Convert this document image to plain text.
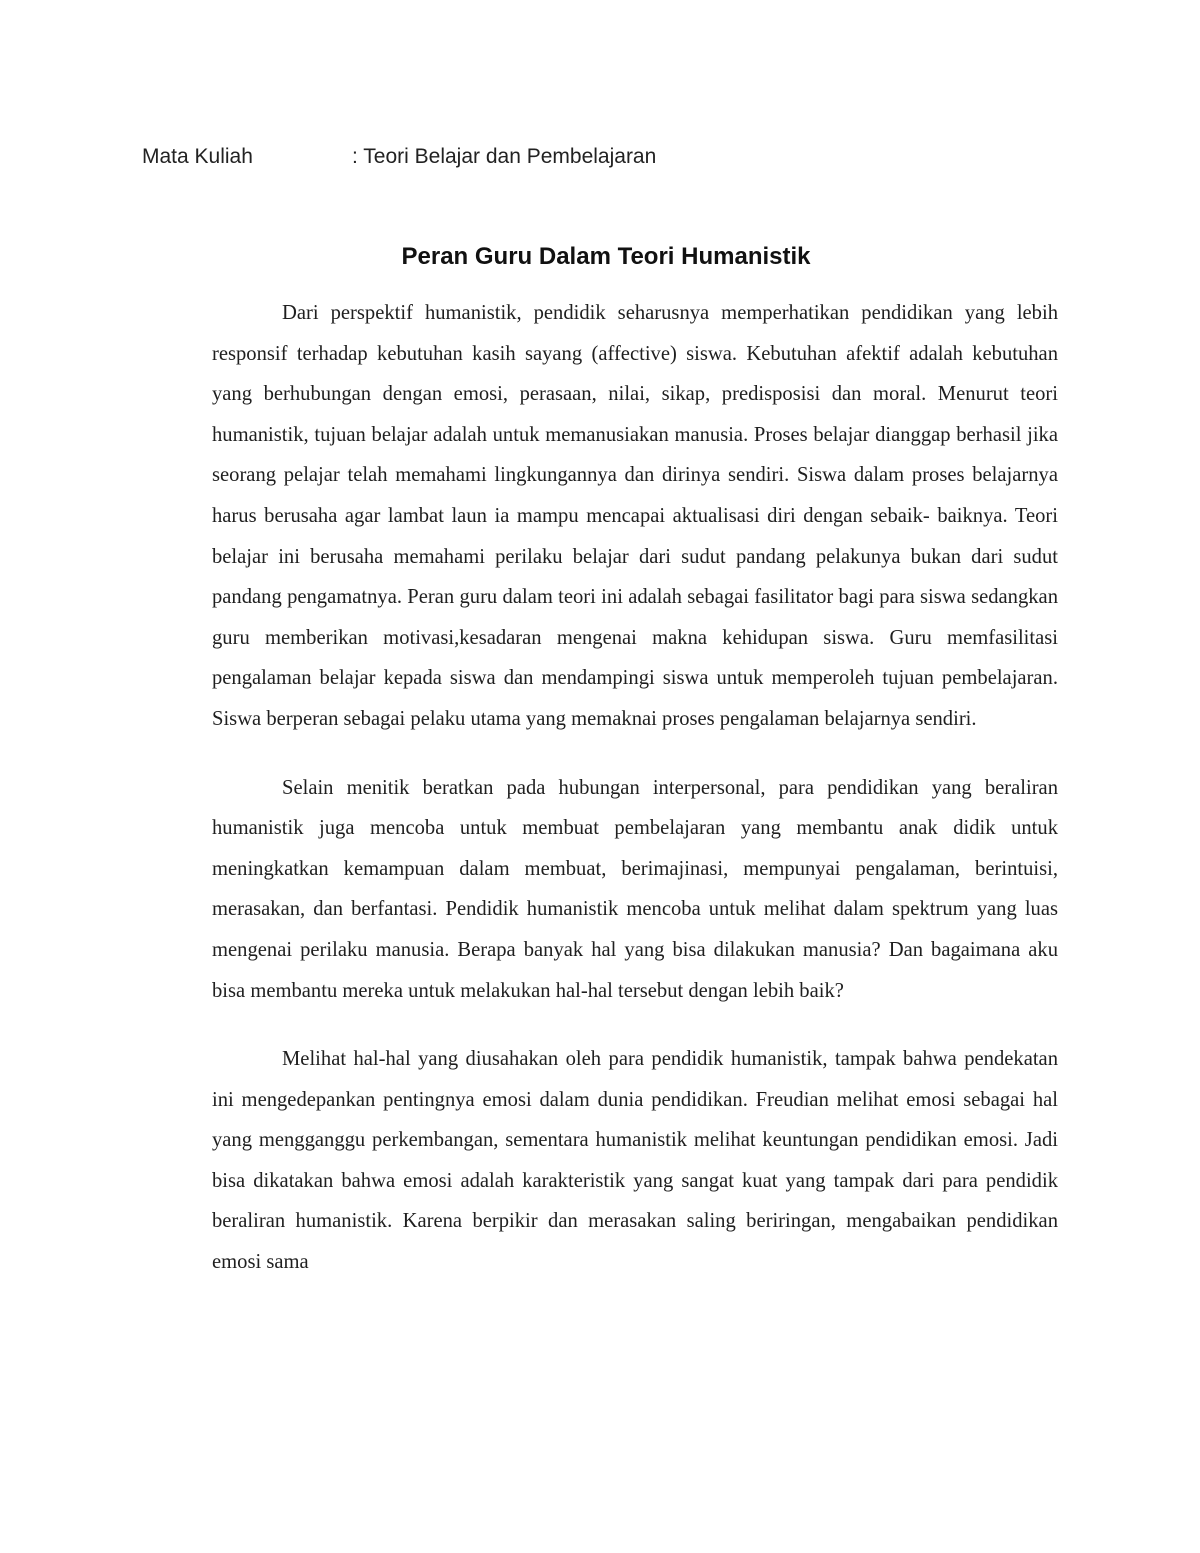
Mata Kuliah	: Teori Belajar dan Pembelajaran
Peran Guru Dalam Teori Humanistik

Dari perspektif humanistik, pendidik seharusnya memperhatikan pendidikan yang lebih responsif terhadap kebutuhan kasih sayang (affective) siswa. Kebutuhan afektif adalah kebutuhan yang berhubungan dengan emosi, perasaan, nilai, sikap, predisposisi dan moral. Menurut teori humanistik, tujuan belajar adalah untuk memanusiakan manusia. Proses belajar dianggap berhasil jika seorang pelajar telah memahami lingkungannya dan dirinya sendiri. Siswa dalam proses belajarnya harus berusaha agar lambat laun ia mampu mencapai aktualisasi diri dengan sebaik- baiknya. Teori belajar ini berusaha memahami perilaku belajar dari sudut pandang pelakunya bukan dari sudut pandang pengamatnya. Peran guru dalam teori ini adalah sebagai fasilitator bagi para siswa sedangkan guru memberikan motivasi,kesadaran mengenai makna kehidupan siswa. Guru memfasilitasi pengalaman belajar kepada siswa dan mendampingi siswa untuk memperoleh tujuan pembelajaran. Siswa berperan sebagai pelaku utama yang memaknai proses pengalaman belajarnya sendiri.

Selain menitik beratkan pada hubungan interpersonal, para pendidikan yang beraliran humanistik juga mencoba untuk membuat pembelajaran yang membantu anak didik untuk meningkatkan kemampuan dalam membuat, berimajinasi, mempunyai pengalaman, berintuisi, merasakan, dan berfantasi. Pendidik humanistik mencoba untuk melihat dalam spektrum yang luas mengenai perilaku manusia. Berapa banyak hal yang bisa dilakukan manusia? Dan bagaimana aku bisa membantu mereka untuk melakukan hal-hal tersebut dengan lebih baik?

Melihat hal-hal yang diusahakan oleh para pendidik humanistik, tampak bahwa pendekatan ini mengedepankan pentingnya emosi dalam dunia pendidikan. Freudian melihat emosi sebagai hal yang mengganggu perkembangan, sementara humanistik melihat keuntungan pendidikan emosi. Jadi bisa dikatakan bahwa emosi adalah karakteristik yang sangat kuat yang tampak dari para pendidik beraliran humanistik. Karena berpikir dan merasakan saling beriringan, mengabaikan pendidikan emosi sama
